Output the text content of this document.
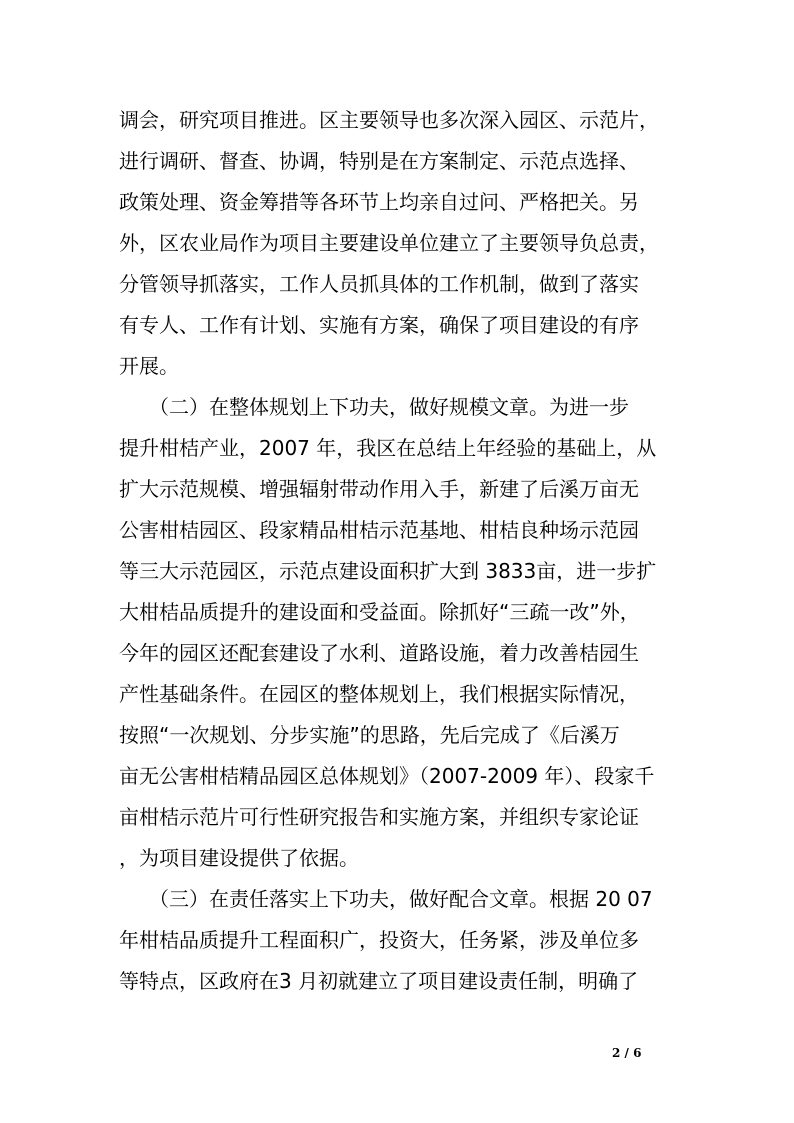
调会，研究项目推进。区主要领导也多次深入园区、示范片，
进行调研、督查、协调，特别是在方案制定、示范点选择、
政策处理、资金筹措等各环节上均亲自过问、严格把关。另
外，区农业局作为项目主要建设单位建立了主要领导负总责，
分管领导抓落实，工作人员抓具体的工作机制，做到了落实
有专人、工作有计划、实施有方案，确保了项目建设的有序
开展。
　　（二）在整体规划上下功夫，做好规模文章。为进一步
提升柑桔产业，2007 年，我区在总结上年经验的基础上，从
扩大示范规模、增强辐射带动作用入手，新建了后溪万亩无
公害柑桔园区、段家精品柑桔示范基地、柑桔良种场示范园
等三大示范园区，示范点建设面积扩大到 3833亩，进一步扩
大柑桔品质提升的建设面和受益面。除抓好“三疏一改”外，
今年的园区还配套建设了水利、道路设施，着力改善桔园生
产性基础条件。在园区的整体规划上，我们根据实际情况，
按照“一次规划、分步实施”的思路，先后完成了《后溪万
亩无公害柑桔精品园区总体规划》（2007-2009 年）、段家千
亩柑桔示范片可行性研究报告和实施方案，并组织专家论证
，为项目建设提供了依据。
　　（三）在责任落实上下功夫，做好配合文章。根据 20 07
年柑桔品质提升工程面积广，投资大，任务紧，涉及单位多
等特点，区政府在3 月初就建立了项目建设责任制，明确了
2 / 6
